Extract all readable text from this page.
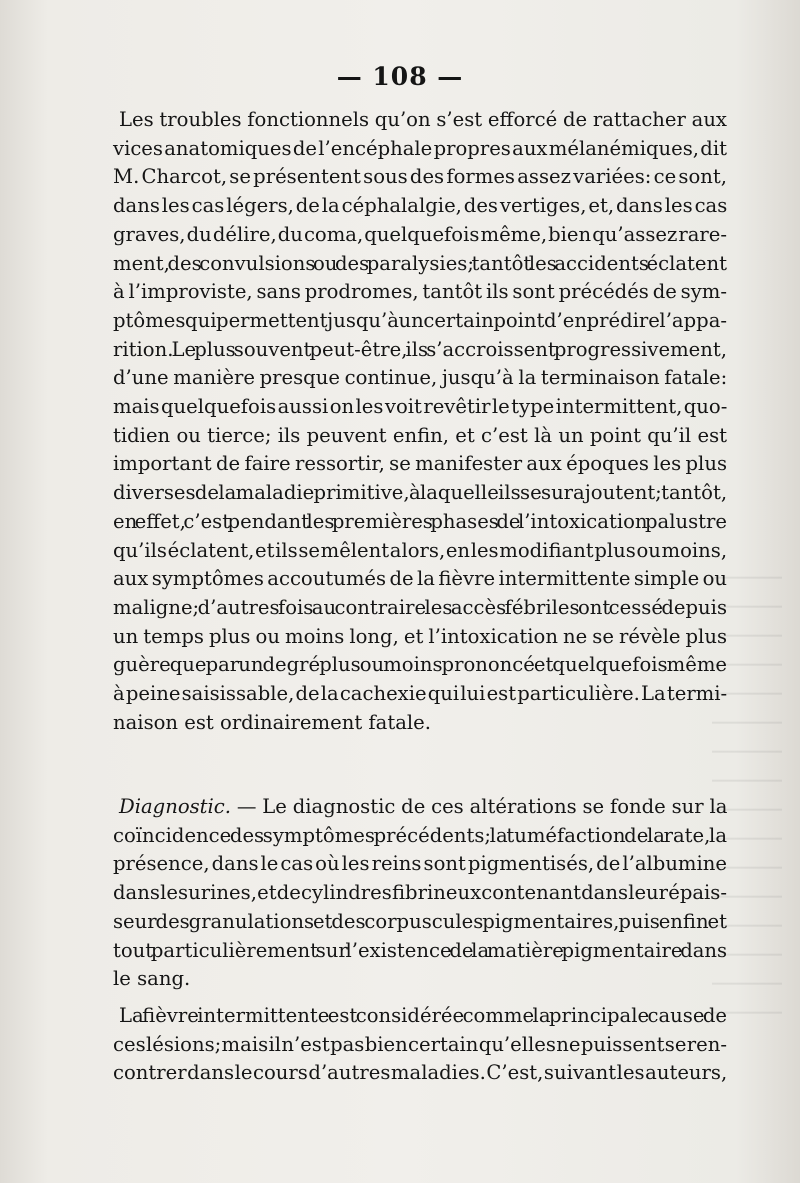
— 108 —
Les troubles fonctionnels qu’on s’est efforcé de rattacher aux
vices anatomiques de l’encéphale propres aux mélanémiques, dit
M. Charcot, se présentent sous des formes assez variées: ce sont,
dans les cas légers, de la céphalalgie, des vertiges, et, dans les cas
graves, du délire, du coma, quelquefois même, bien qu’assez rare-
ment, des convulsions ou des paralysies; tantôt les accidents éclatent
à l’improviste, sans prodromes, tantôt ils sont précédés de sym-
ptômes qui permettent jusqu’à un certain point d’en prédire l’appa-
rition. Le plus souvent peut-être, ils s’accroissent progressivement,
d’une manière presque continue, jusqu’à la terminaison fatale:
mais quelquefois aussi on les voit revêtir le type intermittent, quo-
tidien ou tierce; ils peuvent enfin, et c’est là un point qu’il est
important de faire ressortir, se manifester aux époques les plus
diverses de la maladie primitive, à laquelle ils se surajoutent; tantôt,
en effet, c’est pendant les premières phases de l’intoxication palustre
qu’ils éclatent, et ils se mêlent alors, en les modifiant plus ou moins,
aux symptômes accoutumés de la fièvre intermittente simple ou
maligne; d’autres fois au contraire les accès fébriles ont cessé depuis
un temps plus ou moins long, et l’intoxication ne se révèle plus
guère que par un degré plus ou moins prononcé et quelquefois même
à peine saisissable, de la cachexie qui lui est particulière. La termi-
naison est ordinairement fatale.
Diagnostic. — Le diagnostic de ces altérations se fonde sur la
coïncidence des symptômes précédents; la tuméfaction de la rate, la
présence, dans le cas où les reins sont pigmentisés, de l’albumine
dans les urines, et de cylindres fibrineux contenant dans leur épais-
seur des granulations et des corpuscules pigmentaires, puis enfin et
tout particulièrement sur l’existence de la matière pigmentaire dans
le sang.
La fièvre intermittente est considérée comme la principale cause de
ces lésions; mais il n’est pas bien certain qu’elles ne puissent se ren-
contrer dans le cours d’autres maladies. C’est, suivant les auteurs,
